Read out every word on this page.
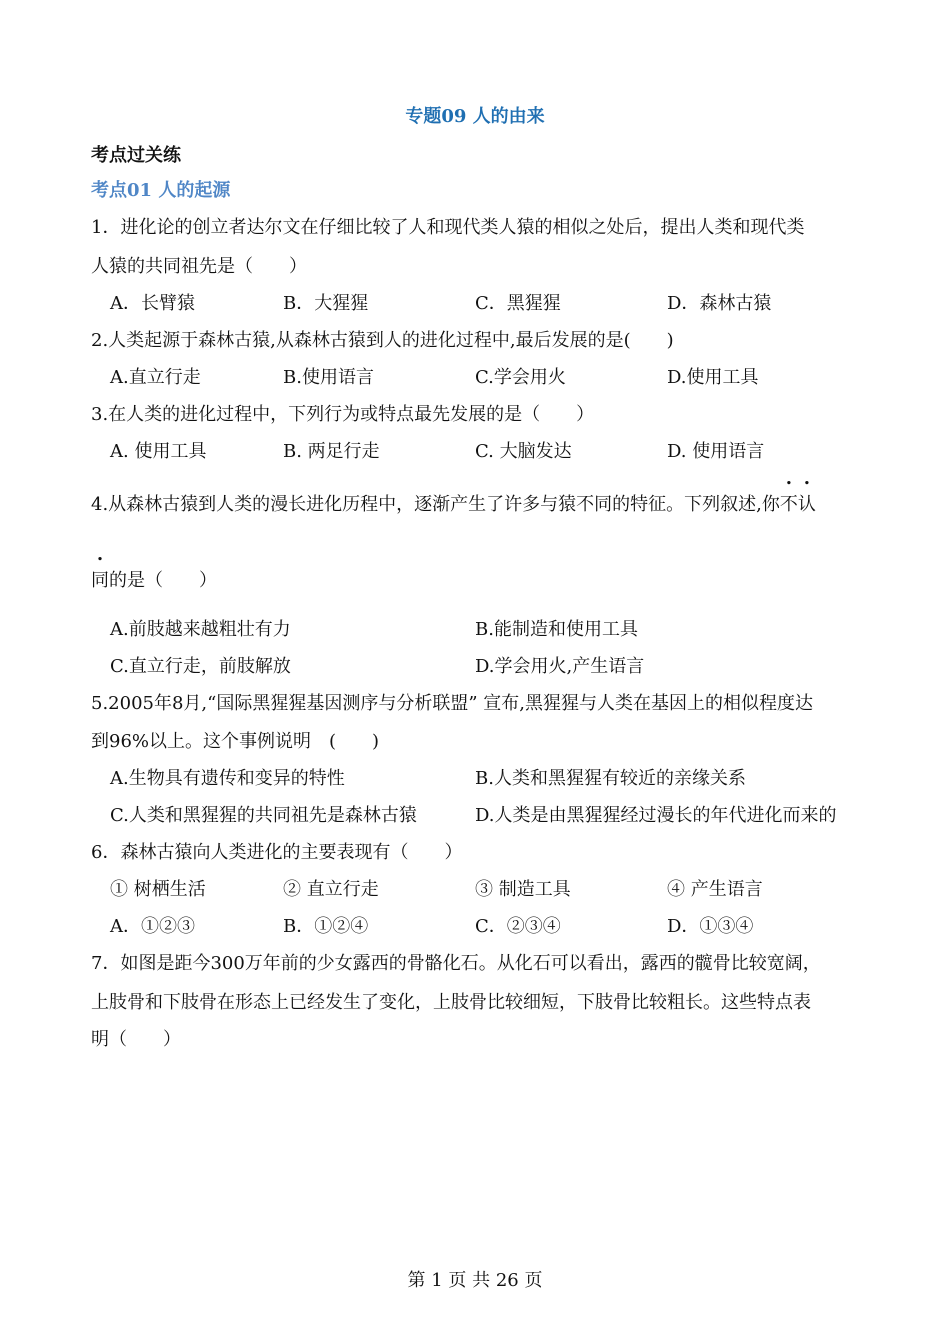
专题09 人的由来
考点过关练
考点01 人的起源
1．进化论的创立者达尔文在仔细比较了人和现代类人猿的相似之处后，提出人类和现代类
人猿的共同祖先是（　　）
A．长臂猿	B．大猩猩	C．黑猩猩	D．森林古猿
2.人类起源于森林古猿,从森林古猿到人的进化过程中,最后发展的是(　　)
A.直立行走	B.使用语言	C.学会用火	D.使用工具
3.在人类的进化过程中，下列行为或特点最先发展的是（　　）
A. 使用工具	B. 两足行走	C. 大脑发达	D. 使用语言
4.从森林古猿到人类的漫长进化历程中，逐渐产生了许多与猿不同的特征。下列叙述,你不认
同的是（　　）
A.前肢越来越粗壮有力	B.能制造和使用工具
C.直立行走，前肢解放	D.学会用火,产生语言
5.2005年8月,“国际黑猩猩基因测序与分析联盟” 宣布,黑猩猩与人类在基因上的相似程度达
到96%以上。这个事例说明　(　　)
A.生物具有遗传和变异的特性	B.人类和黑猩猩有较近的亲缘关系
C.人类和黑猩猩的共同祖先是森林古猿	D.人类是由黑猩猩经过漫长的年代进化而来的
6．森林古猿向人类进化的主要表现有（　　）
① 树栖生活	② 直立行走	③ 制造工具	④ 产生语言
A．①②③	B．①②④	C．②③④	D．①③④
7．如图是距今300万年前的少女露西的骨骼化石。从化石可以看出，露西的髋骨比较宽阔，
上肢骨和下肢骨在形态上已经发生了变化，上肢骨比较细短，下肢骨比较粗长。这些特点表
明（　　）
第 1 页 共 26 页
